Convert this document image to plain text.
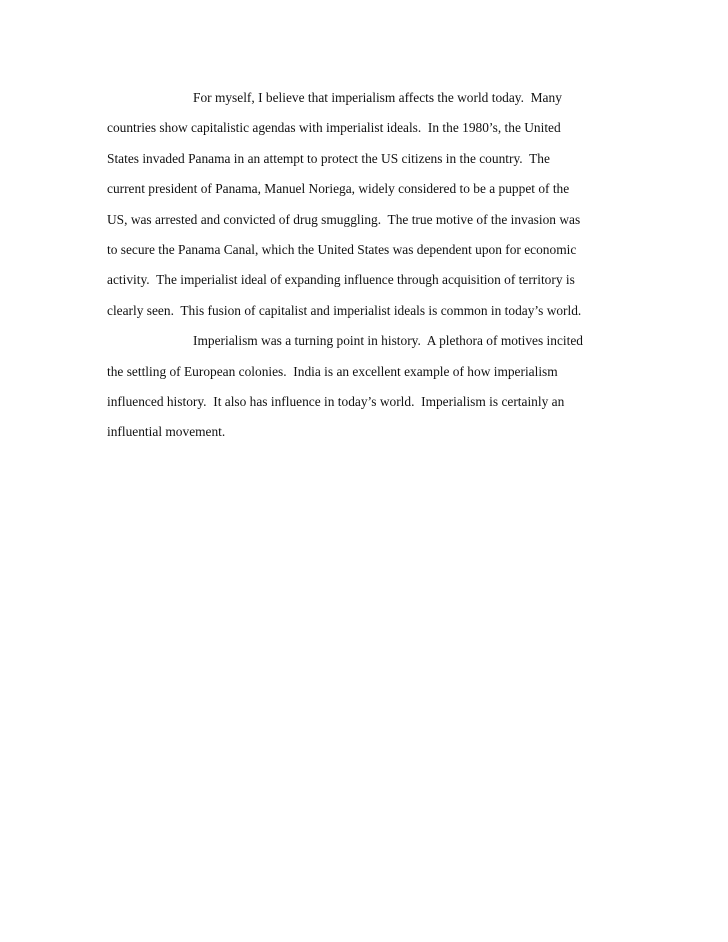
For myself, I believe that imperialism affects the world today.  Many
countries show capitalistic agendas with imperialist ideals.  In the 1980’s, the United
States invaded Panama in an attempt to protect the US citizens in the country.  The
current president of Panama, Manuel Noriega, widely considered to be a puppet of the
US, was arrested and convicted of drug smuggling.  The true motive of the invasion was
to secure the Panama Canal, which the United States was dependent upon for economic
activity.  The imperialist ideal of expanding influence through acquisition of territory is
clearly seen.  This fusion of capitalist and imperialist ideals is common in today’s world.
Imperialism was a turning point in history.  A plethora of motives incited
the settling of European colonies.  India is an excellent example of how imperialism
influenced history.  It also has influence in today’s world.  Imperialism is certainly an
influential movement.
